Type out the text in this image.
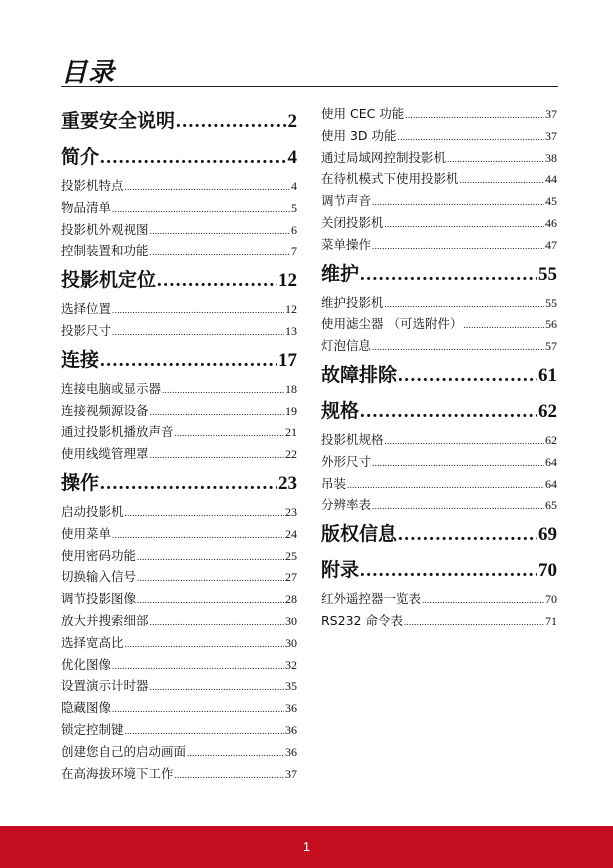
目录
重要安全说明 .....	2
简介 .....	4
投影机特点 .....	4
物品清单 .....	5
投影机外观视图 .....	6
控制装置和功能 .....	7
投影机定位 .....	12
选择位置 .....	12
投影尺寸 .....	13
连接 .....	17
连接电脑或显示器 .....	18
连接视频源设备 .....	19
通过投影机播放声音 .....	21
使用线缆管理罩 .....	22
操作 .....	23
启动投影机 .....	23
使用菜单 .....	24
使用密码功能 .....	25
切换输入信号 .....	27
调节投影图像 .....	28
放大并搜索细部 .....	30
选择宽高比 .....	30
优化图像 .....	32
设置演示计时器 .....	35
隐藏图像 .....	36
锁定控制键 .....	36
创建您自己的启动画面 .....	36
在高海拔环境下工作 .....	37
使用 CEC 功能 .....	37
使用 3D 功能 .....	37
通过局域网控制投影机 .....	38
在待机模式下使用投影机 .....	44
调节声音 .....	45
关闭投影机 .....	46
菜单操作 .....	47
维护 .....	55
维护投影机 .....	55
使用滤尘器 （可选附件） .....	56
灯泡信息 .....	57
故障排除 .....	61
规格 .....	62
投影机规格 .....	62
外形尺寸 .....	64
吊装 .....	64
分辨率表 .....	65
版权信息 .....	69
附录 .....	70
红外遥控器一览表 .....	70
RS232 命令表 .....	71
1
